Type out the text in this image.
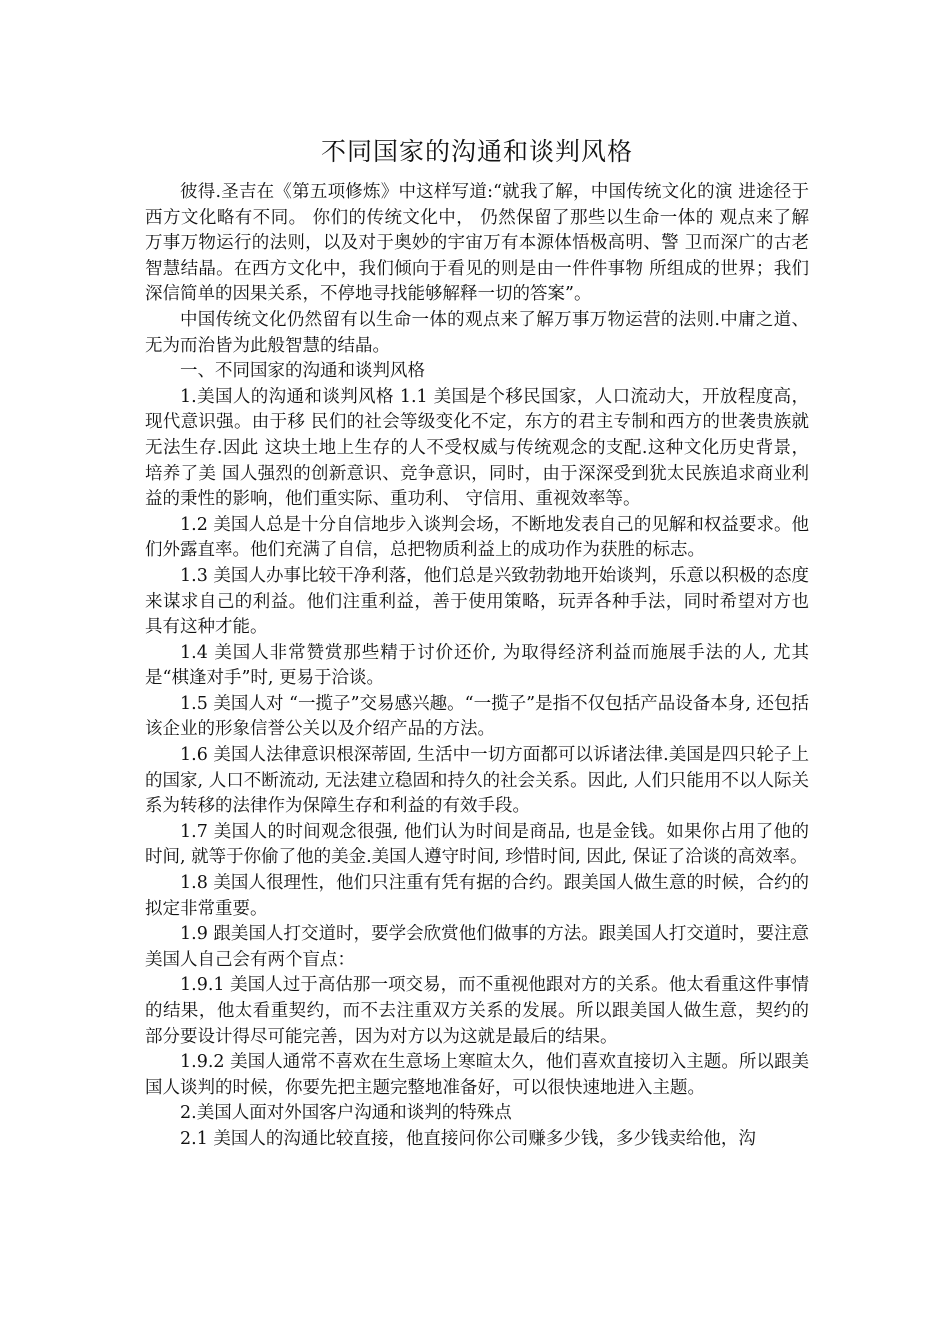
不同国家的沟通和谈判风格

彼得.圣吉在《第五项修炼》中这样写道:“就我了解，中国传统文化的演 进途径于西方文化略有不同。 你们的传统文化中， 仍然保留了那些以生命一体的 观点来了解万事万物运行的法则，以及对于奥妙的宇宙万有本源体悟极高明、警 卫而深广的古老智慧结晶。在西方文化中，我们倾向于看见的则是由一件件事物 所组成的世界；我们深信简单的因果关系，不停地寻找能够解释一切的答案”。

中国传统文化仍然留有以生命一体的观点来了解万事万物运营的法则.中庸之道、无为而治皆为此般智慧的结晶。

一、不同国家的沟通和谈判风格

1.美国人的沟通和谈判风格 1.1 美国是个移民国家，人口流动大，开放程度高，现代意识强。由于移 民们的社会等级变化不定，东方的君主专制和西方的世袭贵族就无法生存.因此 这块土地上生存的人不受权威与传统观念的支配.这种文化历史背景， 培养了美 国人强烈的创新意识、竞争意识，同时，由于深深受到犹太民族追求商业利益的秉性的影响，他们重实际、重功利、 守信用、重视效率等。

1.2 美国人总是十分自信地步入谈判会场，不断地发表自己的见解和权益要求。他们外露直率。他们充满了自信，总把物质利益上的成功作为获胜的标志。

1.3 美国人办事比较干净利落，他们总是兴致勃勃地开始谈判，乐意以积极的态度来谋求自己的利益。他们注重利益，善于使用策略，玩弄各种手法，同时希望对方也具有这种才能。

1.4 美国人非常赞赏那些精于讨价还价, 为取得经济利益而施展手法的人, 尤其是“棋逢对手”时, 更易于洽谈。

1.5 美国人对 “一揽子”交易感兴趣。“一揽子”是指不仅包括产品设备本身, 还包括该企业的形象信誉公关以及介绍产品的方法。

1.6 美国人法律意识根深蒂固, 生活中一切方面都可以诉诸法律.美国是四只轮子上的国家, 人口不断流动, 无法建立稳固和持久的社会关系。因此, 人们只能用不以人际关系为转移的法律作为保障生存和利益的有效手段。

1.7 美国人的时间观念很强, 他们认为时间是商品, 也是金钱。如果你占用了他的时间, 就等于你偷了他的美金.美国人遵守时间, 珍惜时间, 因此, 保证了洽谈的高效率。

1.8 美国人很理性，他们只注重有凭有据的合约。跟美国人做生意的时候，合约的拟定非常重要。

1.9 跟美国人打交道时，要学会欣赏他们做事的方法。跟美国人打交道时，要注意美国人自己会有两个盲点：

1.9.1 美国人过于高估那一项交易，而不重视他跟对方的关系。他太看重这件事情的结果，他太看重契约，而不去注重双方关系的发展。所以跟美国人做生意，契约的部分要设计得尽可能完善，因为对方以为这就是最后的结果。

1.9.2 美国人通常不喜欢在生意场上寒暄太久，他们喜欢直接切入主题。所以跟美国人谈判的时候，你要先把主题完整地准备好，可以很快速地进入主题。

2.美国人面对外国客户沟通和谈判的特殊点

2.1 美国人的沟通比较直接，他直接问你公司赚多少钱，多少钱卖给他，沟
